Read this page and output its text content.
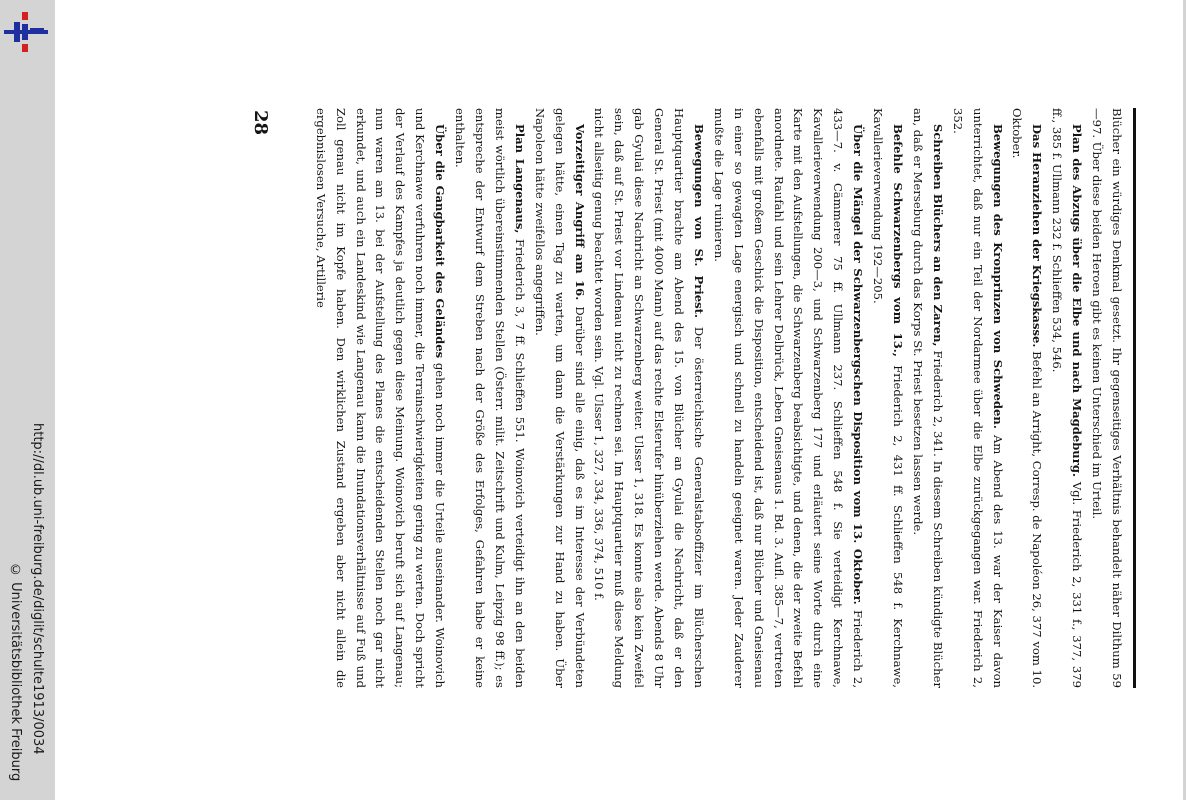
http://dl.ub.uni-freiburg.de/diglit/schulte1913/0034
© Universitätsbibliothek Freiburg	Blücher ein würdiges Denkmal gesetzt. Ihr gegenseitiges Verhältnis behandelt näher Dilthum 59—97. Über diese beiden Heroen gibt es keinen Unterschied im Urteil.

Plan des Abzugs über die Elbe und nach Magdeburg. Vgl. Friederich 2, 331 f., 377, 379 ff., 385 f. Ullmann 232 f. Schlieffen 534, 546.

Das Heranziehen der Kriegskasse. Befehl an Arright, Corresp. de Napoléon 26, 377 vom 10. Oktober.

Bewegungen des Kronprinzen von Schweden. Am Abend des 13. war der Kaiser davon unterrichtet, daß nur ein Teil der Nordarmee über die Elbe zurückgegangen war. Friederich 2, 352.

Schreiben Blüchers an den Zaren, Friederich 2, 341. In diesem Schreiben kündigte Blücher an, daß er Merseburg durch das Korps St. Priest besetzen lassen werde.

Befehle Schwarzenbergs vom 13., Friederich 2, 431 ff. Schlieffen 548 f. Kerchnawe, Kavallerieverwendung 192—205.

Über die Mängel der Schwarzenbergschen Disposition vom 13. Oktober. Friederich 2, 433—7. v. Cämmerer 75 ff. Ullmann 237. Schlieffen 548 f. Sie verteidigt Kerchnawe, Kavallerieverwendung 200—3, und Schwarzenberg 177 und erläutert seine Worte durch eine Karte mit den Aufstellungen, die Schwarzenberg beabsichtigte, und denen, die der zweite Befehl anordnete. Raufahl und sein Lehrer Delbrück, Leben Gneisenaus 1. Bd. 3. Aufl. 385—7, vertreten ebenfalls mit großem Geschick die Disposition, entscheidend ist, daß nur Blücher und Gneisenau in einer so gewagten Lage energisch und schnell zu handeln geeignet waren. Jeder Zauderer mußte die Lage ruinieren.

Bewegungen von St. Priest. Der österreichische Generalstabsoffizier im Blücherschen Hauptquartier brachte am Abend des 15. von Blücher an Gyulai die Nachricht, daß er den General St. Priest (mit 4000 Mann) auf das rechte Elsterufer hinüberziehen werde. Abends 8 Uhr gab Gyulai diese Nachricht an Schwarzenberg weiter. Ulsser 1, 318. Es konnte also kein Zweifel sein, daß auf St. Priest vor Lindenau nicht zu rechnen sei. Im Hauptquartier muß diese Meldung nicht allseitig genug beachtet worden sein. Vgl. Ulsser 1, 327, 334, 336, 374, 510 f.

Vorzeitiger Angriff am 16. Darüber sind alle einig, daß es im Interesse der Verbündeten gelegen hätte, einen Tag zu warten, um dann die Verstärkungen zur Hand zu haben. Über Napoleon hätte zweifellos angegriffen.

Plan Langenaus, Friederich 3, 7 ff. Schlieffen 551. Woinovich verteidigt ihn an den beiden meist wörtlich übereinstimmenden Stellen (Österr. milit. Zeitschrift und Kulm, Leipzig 98 ff.); es entspreche der Entwurf dem Streben nach der Größe des Erfolges, Gefahren habe er keine enthalten.

Über die Gangbarkeit des Geländes gehen noch immer die Urteile auseinander. Woinovich und Kerchnawe verfuhren noch immer, die Terrainschwierigkeiten gering zu werten. Doch spricht der Verlauf des Kampfes ja deutlich gegen diese Meinung. Woinovich beruft sich auf Langenau; nun waren am 13. bei der Aufstellung des Planes die entscheidenden Stellen noch gar nicht erkundet, und auch ein Landeskind wie Langenau kann die Inundationsverhältnisse auf Fuß und Zoll genau nicht im Kopfe haben. Den wirklichen Zustand ergeben aber nicht allein die ergebnislosen Versuche, Artillerie

28
